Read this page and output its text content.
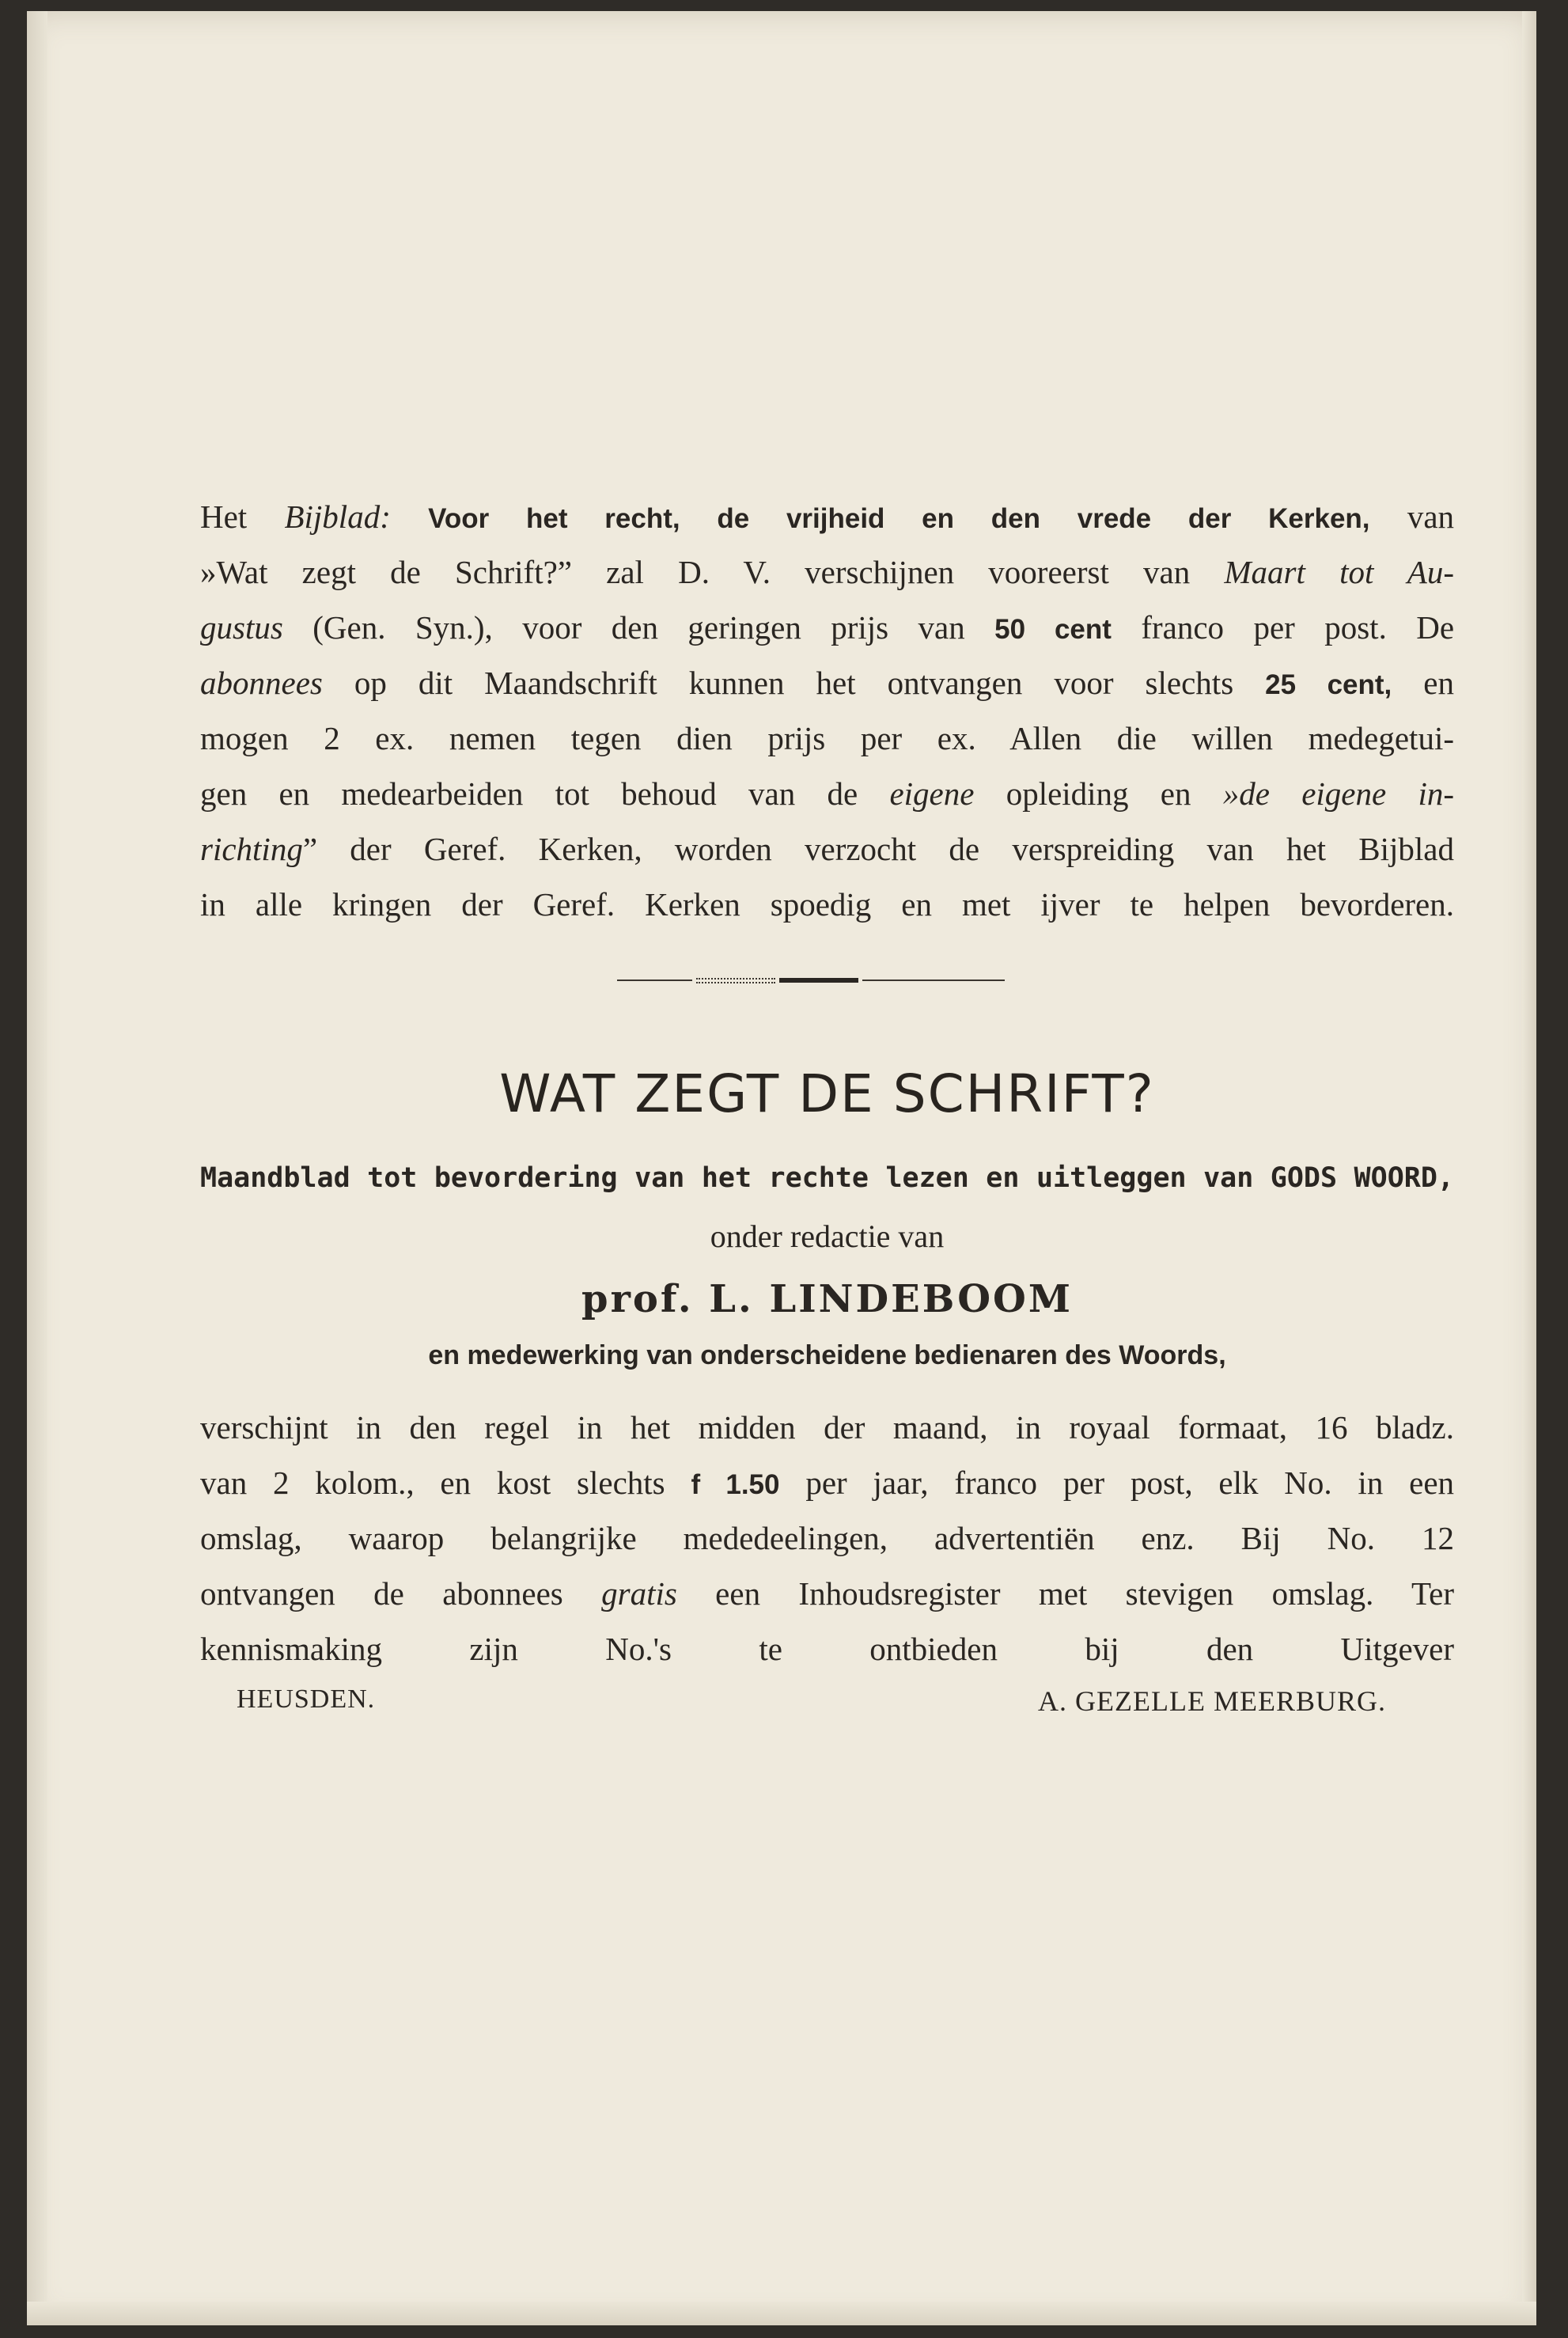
Het Bijblad: Voor het recht, de vrijheid en den vrede der Kerken, van
»Wat zegt de Schrift?” zal D. V. verschijnen vooreerst van Maart tot Au-
gustus (Gen. Syn.), voor den geringen prijs van 50 cent franco per post. De
abonnees op dit Maandschrift kunnen het ontvangen voor slechts 25 cent, en
mogen 2 ex. nemen tegen dien prijs per ex. Allen die willen medegetui-
gen en medearbeiden tot behoud van de eigene opleiding en »de eigene in-
richting” der Geref. Kerken, worden verzocht de verspreiding van het Bijblad
in alle kringen der Geref. Kerken spoedig en met ijver te helpen bevorderen.
WAT ZEGT DE SCHRIFT?
Maandblad tot bevordering van het rechte lezen en uitleggen van GODS WOORD,
onder redactie van
prof. L. LINDEBOOM
en medewerking van onderscheidene bedienaren des Woords,
verschijnt in den regel in het midden der maand, in royaal formaat, 16 bladz.
van 2 kolom., en kost slechts f 1.50 per jaar, franco per post, elk No. in een
omslag, waarop belangrijke mededeelingen, advertentiën enz. Bij No. 12
ontvangen de abonnees gratis een Inhoudsregister met stevigen omslag. Ter
kennismaking zijn No.'s te ontbieden bij den Uitgever
HEUSDEN.	A. GEZELLE MEERBURG.
